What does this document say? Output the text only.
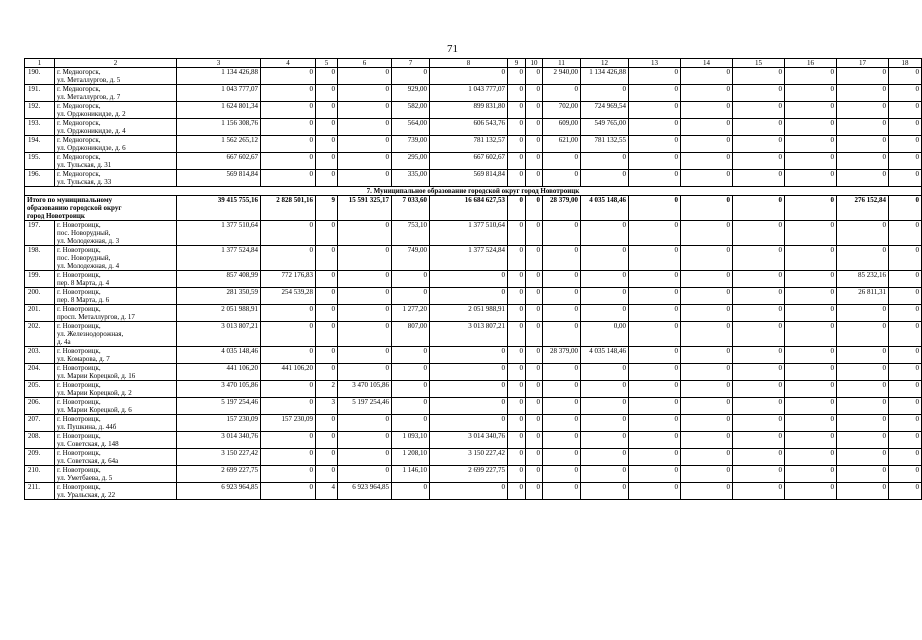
71
1	2	3	4	5	6	7	8	9	10	11	12	13	14	15	16	17	18
190.	г. Медногорск,
ул. Металлургов, д. 5	1 134 426,88	0	0	0	0	0	0	0	2 940,00	1 134 426,88	0	0	0	0	0	0
191.	г. Медногорск,
ул. Металлургов, д. 7	1 043 777,07	0	0	0	929,00	1 043 777,07	0	0	0	0	0	0	0	0	0	0
192.	г. Медногорск,
ул. Орджоникидзе, д. 2	1 624 801,34	0	0	0	582,00	899 831,80	0	0	702,00	724 969,54	0	0	0	0	0	0
193.	г. Медногорск,
ул. Орджоникидзе, д. 4	1 156 308,76	0	0	0	564,00	606 543,76	0	0	609,00	549 765,00	0	0	0	0	0	0
194.	г. Медногорск,
ул. Орджоникидзе, д. 6	1 562 265,12	0	0	0	739,00	781 132,57	0	0	621,00	781 132,55	0	0	0	0	0	0
195.	г. Медногорск,
ул. Тульская, д. 31	667 602,67	0	0	0	295,00	667 602,67	0	0	0	0	0	0	0	0	0	0
196.	г. Медногорск,
ул. Тульская, д. 33	569 814,84	0	0	0	335,00	569 814,84	0	0	0	0	0	0	0	0	0	0
7. Муниципальное образование городской округ город Новотроицк																	

Итого по муниципальному
образованию городской округ
город Новотроицк		39 415 755,16	2 828 501,16	9	15 591 325,17	7 033,60	16 684 627,53	0	0	28 379,00	4 035 148,46	0	0	0	0	276 152,84	0
197.	г. Новотроицк,
пос. Новорудный,
ул. Молодежная, д. 3	1 377 510,64	0	0	0	753,10	1 377 510,64	0	0	0	0	0	0	0	0	0	0
198.	г. Новотроицк,
пос. Новорудный,
ул. Молодежная, д. 4	1 377 524,84	0	0	0	749,00	1 377 524,84	0	0	0	0	0	0	0	0	0	0
199.	г. Новотроицк,
пер. 8 Марта, д. 4	857 408,99	772 176,83	0	0	0	0	0	0	0	0	0	0	0	0	85 232,16	0
200.	г. Новотроицк,
пер. 8 Марта, д. 6	281 350,59	254 539,28	0	0	0	0	0	0	0	0	0	0	0	0	26 811,31	0
201.	г. Новотроицк,
просп. Металлургов, д. 17	2 051 988,91	0	0	0	1 277,20	2 051 988,91	0	0	0	0	0	0	0	0	0	0
202.	г. Новотроицк,
ул. Железнодорожная,
д. 4а	3 013 807,21	0	0	0	807,00	3 013 807,21	0	0	0	0,00	0	0	0	0	0	0
203.	г. Новотроицк,
ул. Комарова, д. 7	4 035 148,46	0	0	0	0	0	0	0	28 379,00	4 035 148,46	0	0	0	0	0	0
204.	г. Новотроицк,
ул. Марии Корецкой, д. 16	441 106,20	441 106,20	0	0	0	0	0	0	0	0	0	0	0	0	0	0
205.	г. Новотроицк,
ул. Марии Корецкой, д. 2	3 470 105,86	0	2	3 470 105,86	0	0	0	0	0	0	0	0	0	0	0	0
206.	г. Новотроицк,
ул. Марии Корецкой, д. 6	5 197 254,46	0	3	5 197 254,46	0	0	0	0	0	0	0	0	0	0	0	0
207.	г. Новотроицк,
ул. Пушкина, д. 44б	157 230,09	157 230,09	0	0	0	0	0	0	0	0	0	0	0	0	0	0
208.	г. Новотроицк,
ул. Советская, д. 148	3 014 340,76	0	0	0	1 093,10	3 014 340,76	0	0	0	0	0	0	0	0	0	0
209.	г. Новотроицк,
ул. Советская, д. 64а	3 150 227,42	0	0	0	1 208,10	3 150 227,42	0	0	0	0	0	0	0	0	0	0
210.	г. Новотроицк,
ул. Уметбаева, д. 5	2 699 227,75	0	0	0	1 146,10	2 699 227,75	0	0	0	0	0	0	0	0	0	0
211.	г. Новотроицк,
ул. Уральская, д. 22	6 923 964,85	0	4	6 923 964,85	0	0	0	0	0	0	0	0	0	0	0	0
